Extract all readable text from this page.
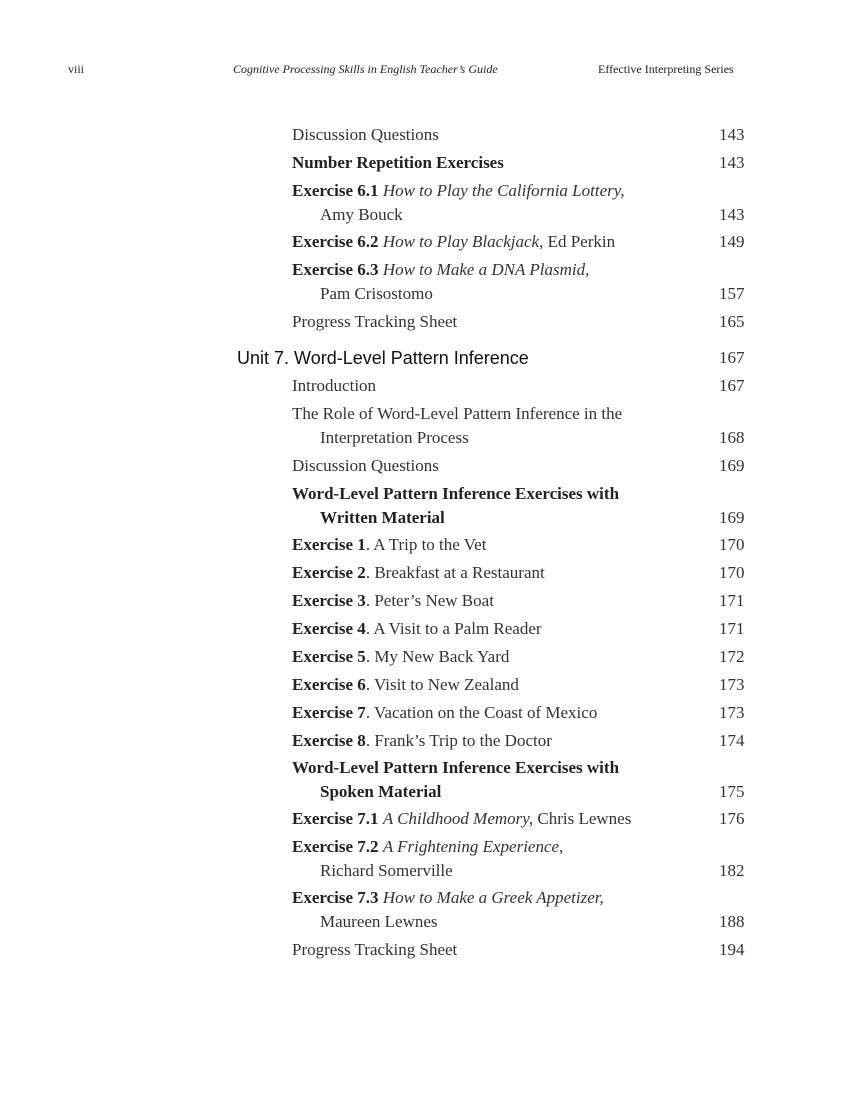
viii	Cognitive Processing Skills in English Teacher’s Guide	Effective Interpreting Series
Discussion Questions	143
Number Repetition Exercises	143
Exercise 6.1 How to Play the California Lottery,
Amy Bouck	143
Exercise 6.2 How to Play Blackjack, Ed Perkin	149
Exercise 6.3 How to Make a DNA Plasmid,
Pam Crisostomo	157
Progress Tracking Sheet	165
Unit 7. Word-Level Pattern Inference	167
Introduction	167
The Role of Word-Level Pattern Inference in the
Interpretation Process	168
Discussion Questions	169
Word-Level Pattern Inference Exercises with
Written Material	169
Exercise 1. A Trip to the Vet	170
Exercise 2. Breakfast at a Restaurant	170
Exercise 3. Peter’s New Boat	171
Exercise 4. A Visit to a Palm Reader	171
Exercise 5. My New Back Yard	172
Exercise 6. Visit to New Zealand	173
Exercise 7. Vacation on the Coast of Mexico	173
Exercise 8. Frank’s Trip to the Doctor	174
Word-Level Pattern Inference Exercises with
Spoken Material	175
Exercise 7.1 A Childhood Memory, Chris Lewnes	176
Exercise 7.2 A Frightening Experience,
Richard Somerville	182
Exercise 7.3 How to Make a Greek Appetizer,
Maureen Lewnes	188
Progress Tracking Sheet	194
